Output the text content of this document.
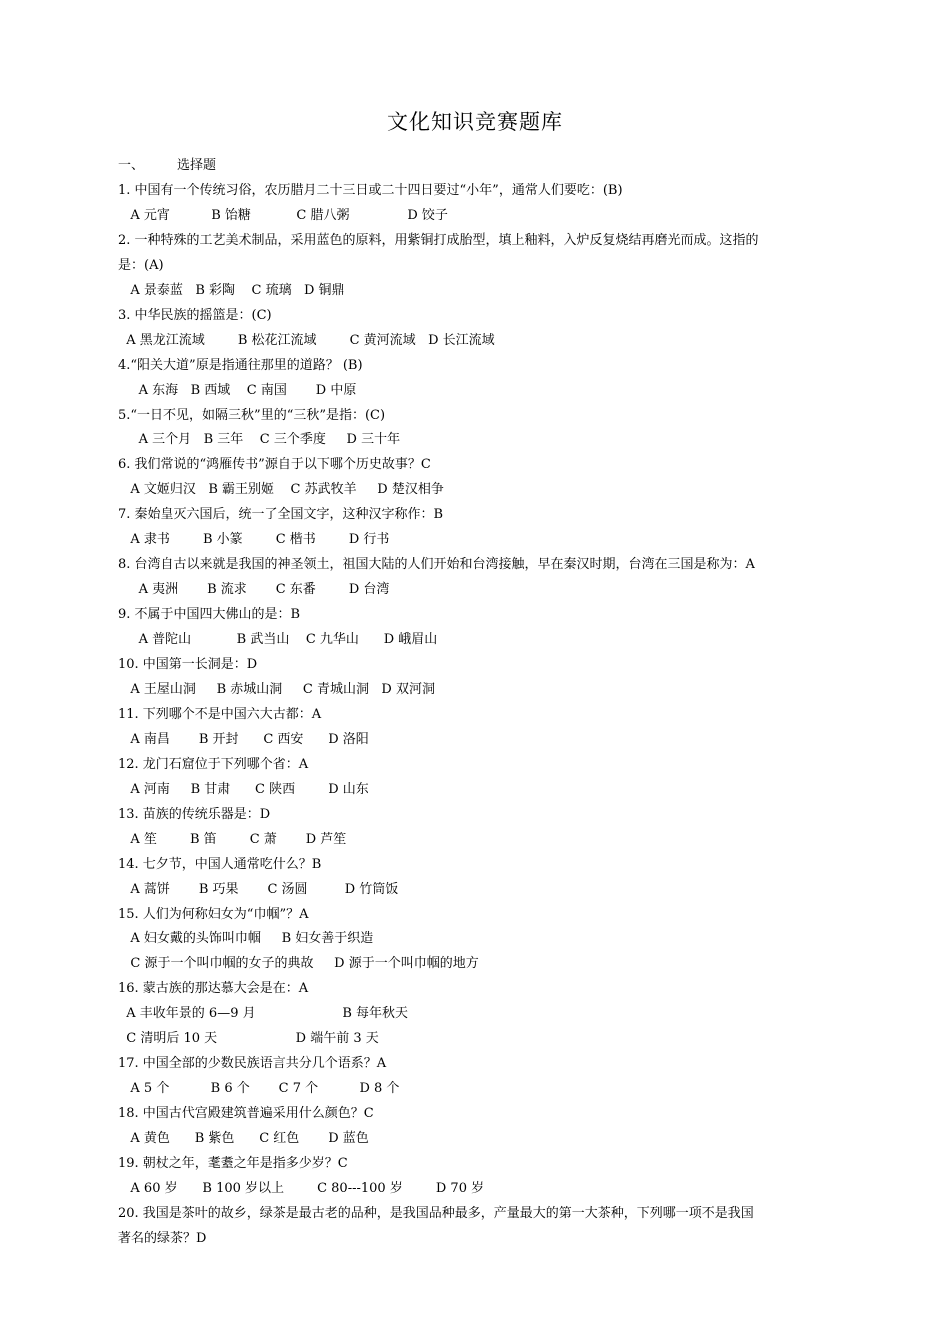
文化知识竞赛题库
一、        选择题
1. 中国有一个传统习俗，农历腊月二十三日或二十四日要过“小年”，通常人们要吃：(B)
A 元宵          B 饴糖           C 腊八粥              D 饺子
2. 一种特殊的工艺美术制品，采用蓝色的原料，用紫铜打成胎型，填上釉料，入炉反复烧结再磨光而成。这指的
是：(A)
A 景泰蓝   B 彩陶    C 琉璃   D 铜鼎
3. 中华民族的摇篮是：(C)
A 黑龙江流域        B 松花江流域        C 黄河流域   D 长江流域
4.“阳关大道”原是指通往那里的道路？ (B)
A 东海   B 西域    C 南国       D 中原
5.“一日不见，如隔三秋”里的“三秋”是指：(C)
A 三个月   B 三年    C 三个季度     D 三十年
6. 我们常说的“鸿雁传书”源自于以下哪个历史故事？C
A 文姬归汉   B 霸王别姬    C 苏武牧羊     D 楚汉相争
7. 秦始皇灭六国后，统一了全国文字，这种汉字称作：B
A 隶书        B 小篆        C 楷书        D 行书
8. 台湾自古以来就是我国的神圣领土，祖国大陆的人们开始和台湾接触，早在秦汉时期，台湾在三国是称为：A
A 夷洲       B 流求       C 东番        D 台湾
9. 不属于中国四大佛山的是：B
A 普陀山           B 武当山    C 九华山      D 峨眉山
10. 中国第一长洞是：D
A 王屋山洞     B 赤城山洞     C 青城山洞   D 双河洞
11. 下列哪个不是中国六大古都：A
A 南昌       B 开封      C 西安      D 洛阳
12. 龙门石窟位于下列哪个省：A
A 河南     B 甘肃      C 陕西        D 山东
13. 苗族的传统乐器是：D
A 笙        B 笛        C 萧       D 芦笙
14. 七夕节，中国人通常吃什么？B
A 蒿饼       B 巧果       C 汤圆         D 竹筒饭
15. 人们为何称妇女为“巾帼”？A
A 妇女戴的头饰叫巾帼     B 妇女善于织造
C 源于一个叫巾帼的女子的典故     D 源于一个叫巾帼的地方
16. 蒙古族的那达慕大会是在：A
A 丰收年景的 6—9 月                     B 每年秋天
C 清明后 10 天                   D 端午前 3 天
17. 中国全部的少数民族语言共分几个语系？A
A 5 个          B 6 个       C 7 个          D 8 个
18. 中国古代宫殿建筑普遍采用什么颜色？C
A 黄色      B 紫色      C 红色       D 蓝色
19. 朝杖之年，耄耋之年是指多少岁？C
A 60 岁      B 100 岁以上        C 80---100 岁        D 70 岁
20. 我国是茶叶的故乡，绿茶是最古老的品种，是我国品种最多，产量最大的第一大茶种，下列哪一项不是我国
著名的绿茶？D
